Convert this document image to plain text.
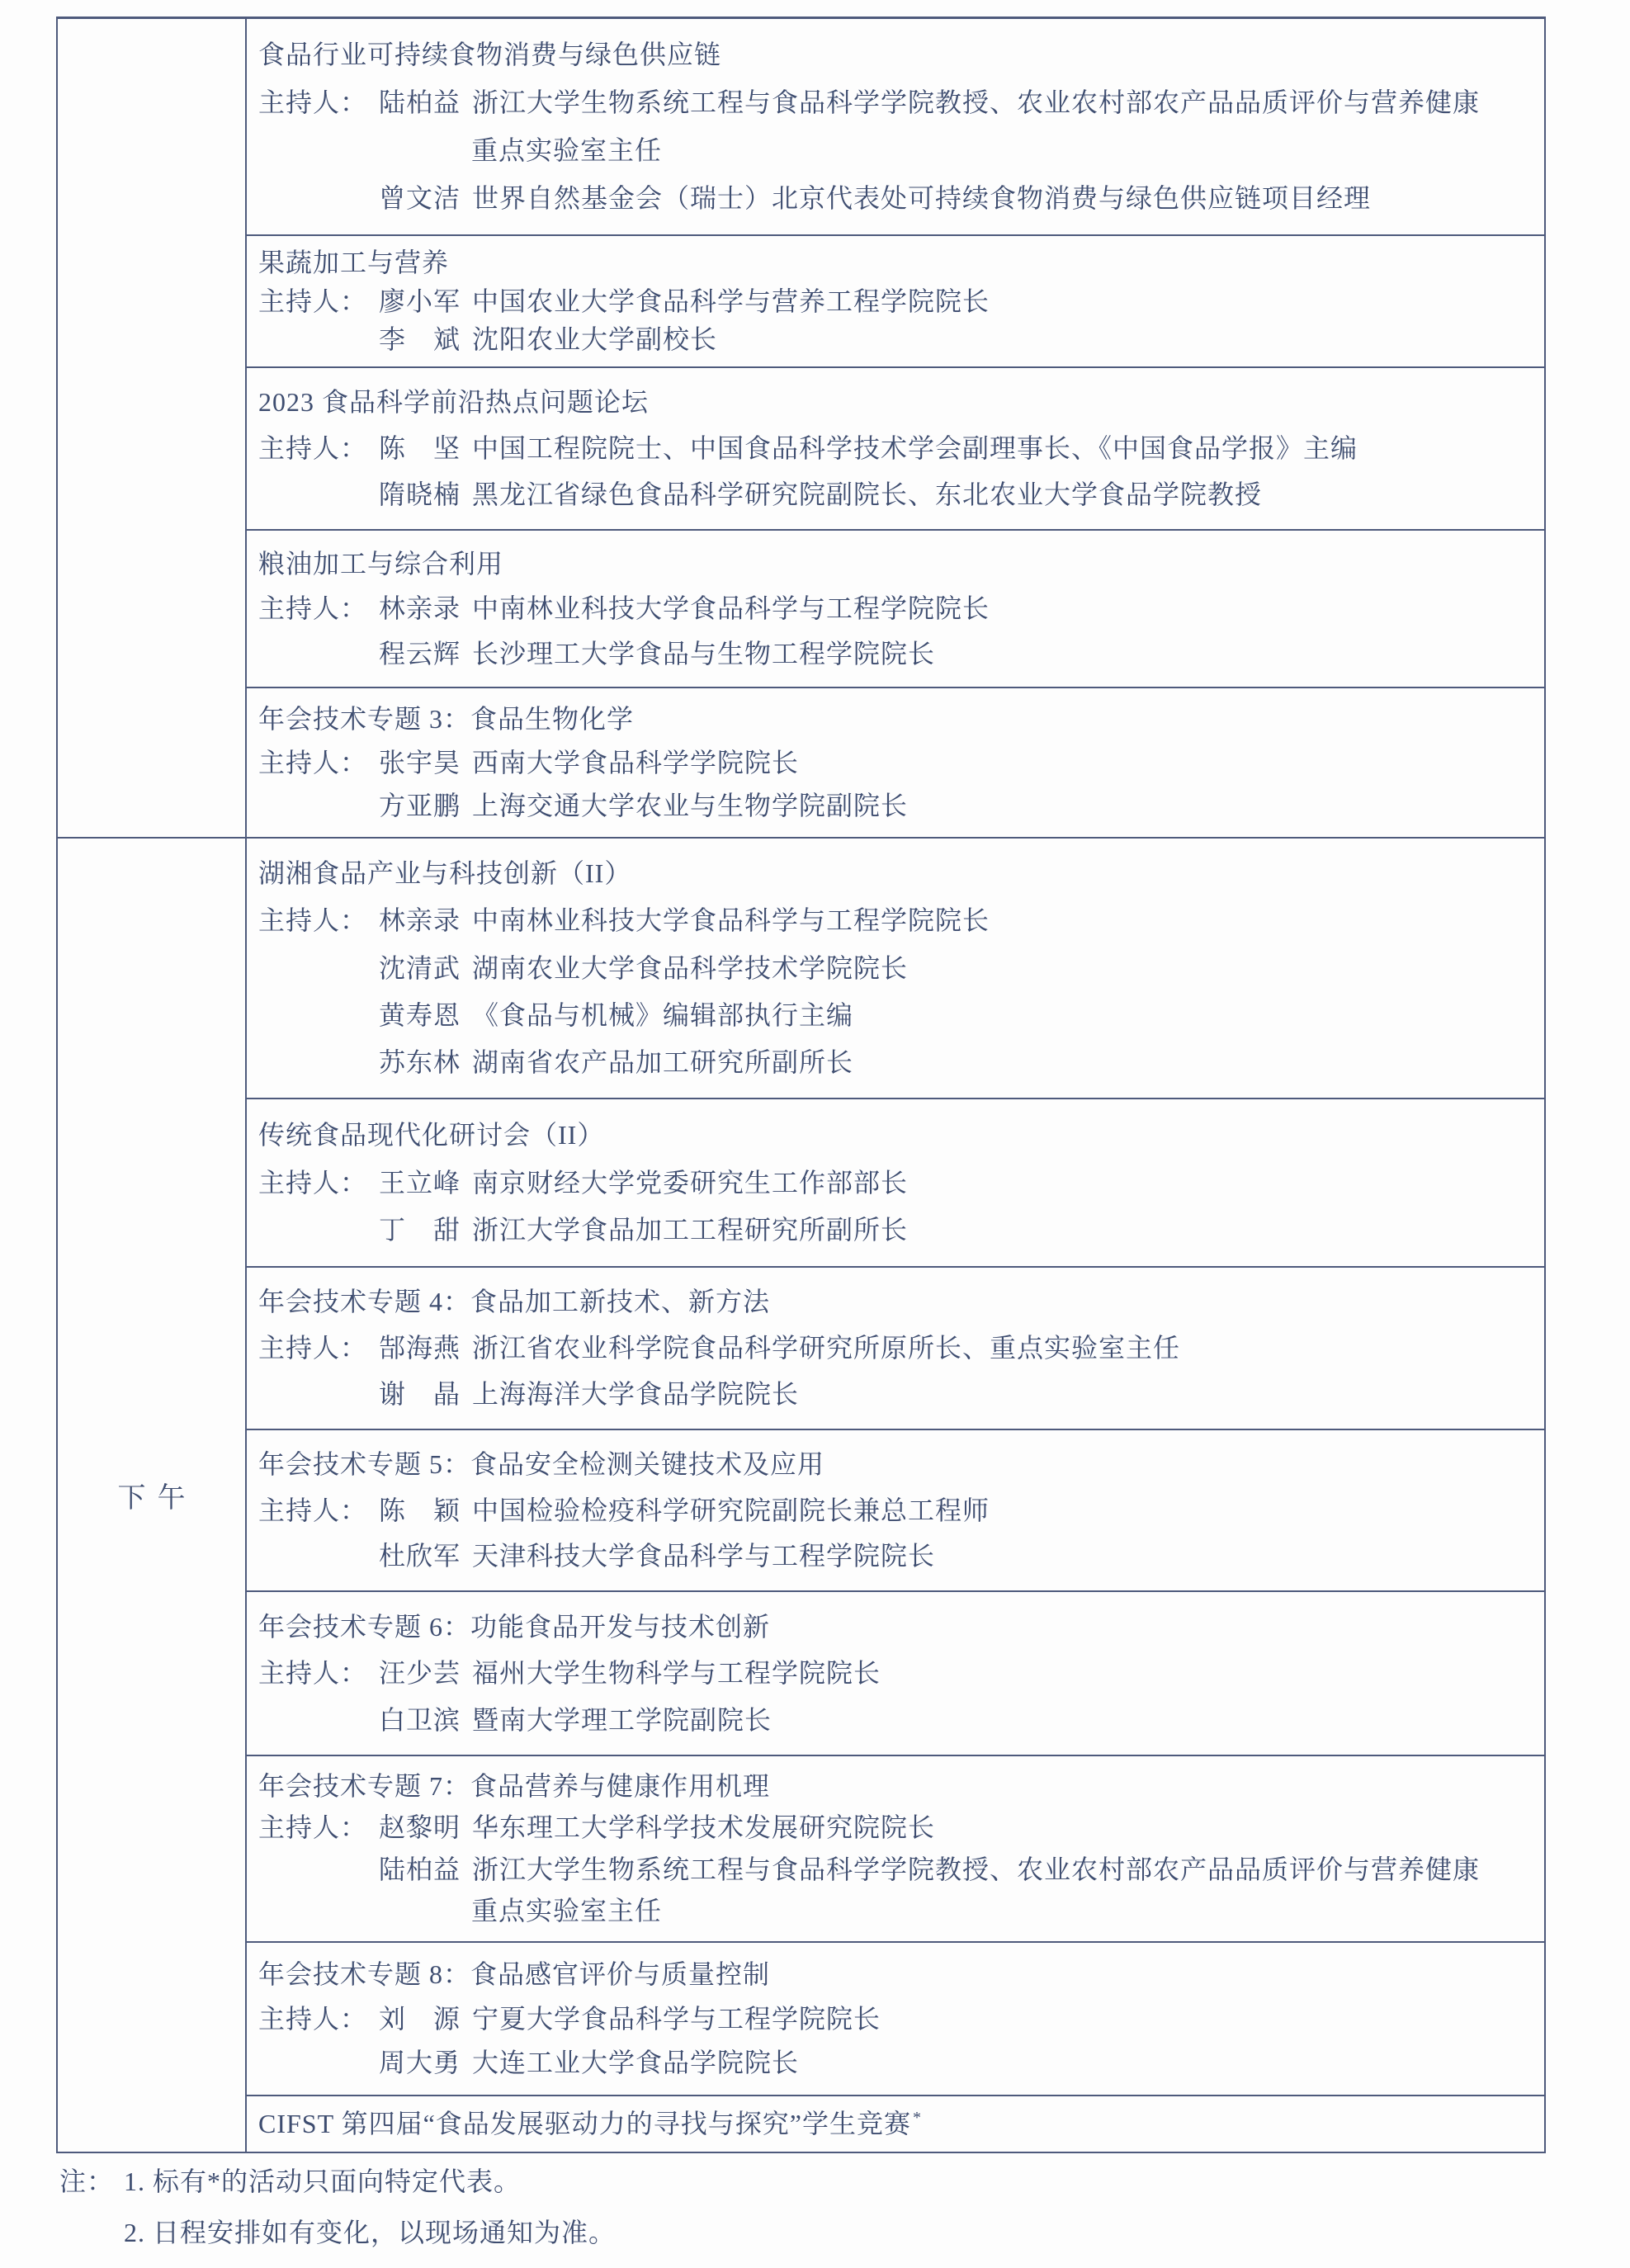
食品行业可持续食物消费与绿色供应链
主持人： 陆柏益 浙江大学生物系统工程与食品科学学院教授、农业农村部农产品品质评价与营养健康
重点实验室主任
曾文洁 世界自然基金会（瑞士）北京代表处可持续食物消费与绿色供应链项目经理
果蔬加工与营养
主持人： 廖小军 中国农业大学食品科学与营养工程学院院长
李　斌 沈阳农业大学副校长
2023 食品科学前沿热点问题论坛
主持人： 陈　坚 中国工程院院士、中国食品科学技术学会副理事长、《中国食品学报》主编
隋晓楠 黑龙江省绿色食品科学研究院副院长、东北农业大学食品学院教授
粮油加工与综合利用
主持人： 林亲录 中南林业科技大学食品科学与工程学院院长
程云辉 长沙理工大学食品与生物工程学院院长
年会技术专题 3：食品生物化学
主持人： 张宇昊 西南大学食品科学学院院长
方亚鹏 上海交通大学农业与生物学院副院长
下午
湖湘食品产业与科技创新（II）
主持人： 林亲录 中南林业科技大学食品科学与工程学院院长
沈清武 湖南农业大学食品科学技术学院院长
黄寿恩 《食品与机械》编辑部执行主编
苏东林 湖南省农产品加工研究所副所长
传统食品现代化研讨会（II）
主持人： 王立峰 南京财经大学党委研究生工作部部长
丁　甜 浙江大学食品加工工程研究所副所长
年会技术专题 4：食品加工新技术、新方法
主持人： 郜海燕 浙江省农业科学院食品科学研究所原所长、重点实验室主任
谢　晶 上海海洋大学食品学院院长
年会技术专题 5：食品安全检测关键技术及应用
主持人： 陈　颖 中国检验检疫科学研究院副院长兼总工程师
杜欣军 天津科技大学食品科学与工程学院院长
年会技术专题 6：功能食品开发与技术创新
主持人： 汪少芸 福州大学生物科学与工程学院院长
白卫滨 暨南大学理工学院副院长
年会技术专题 7：食品营养与健康作用机理
主持人： 赵黎明 华东理工大学科学技术发展研究院院长
陆柏益 浙江大学生物系统工程与食品科学学院教授、农业农村部农产品品质评价与营养健康
重点实验室主任
年会技术专题 8：食品感官评价与质量控制
主持人： 刘　源 宁夏大学食品科学与工程学院院长
周大勇 大连工业大学食品学院院长
CIFST 第四届“食品发展驱动力的寻找与探究”学生竞赛 *
注： 1. 标有*的活动只面向特定代表。
2. 日程安排如有变化，以现场通知为准。
